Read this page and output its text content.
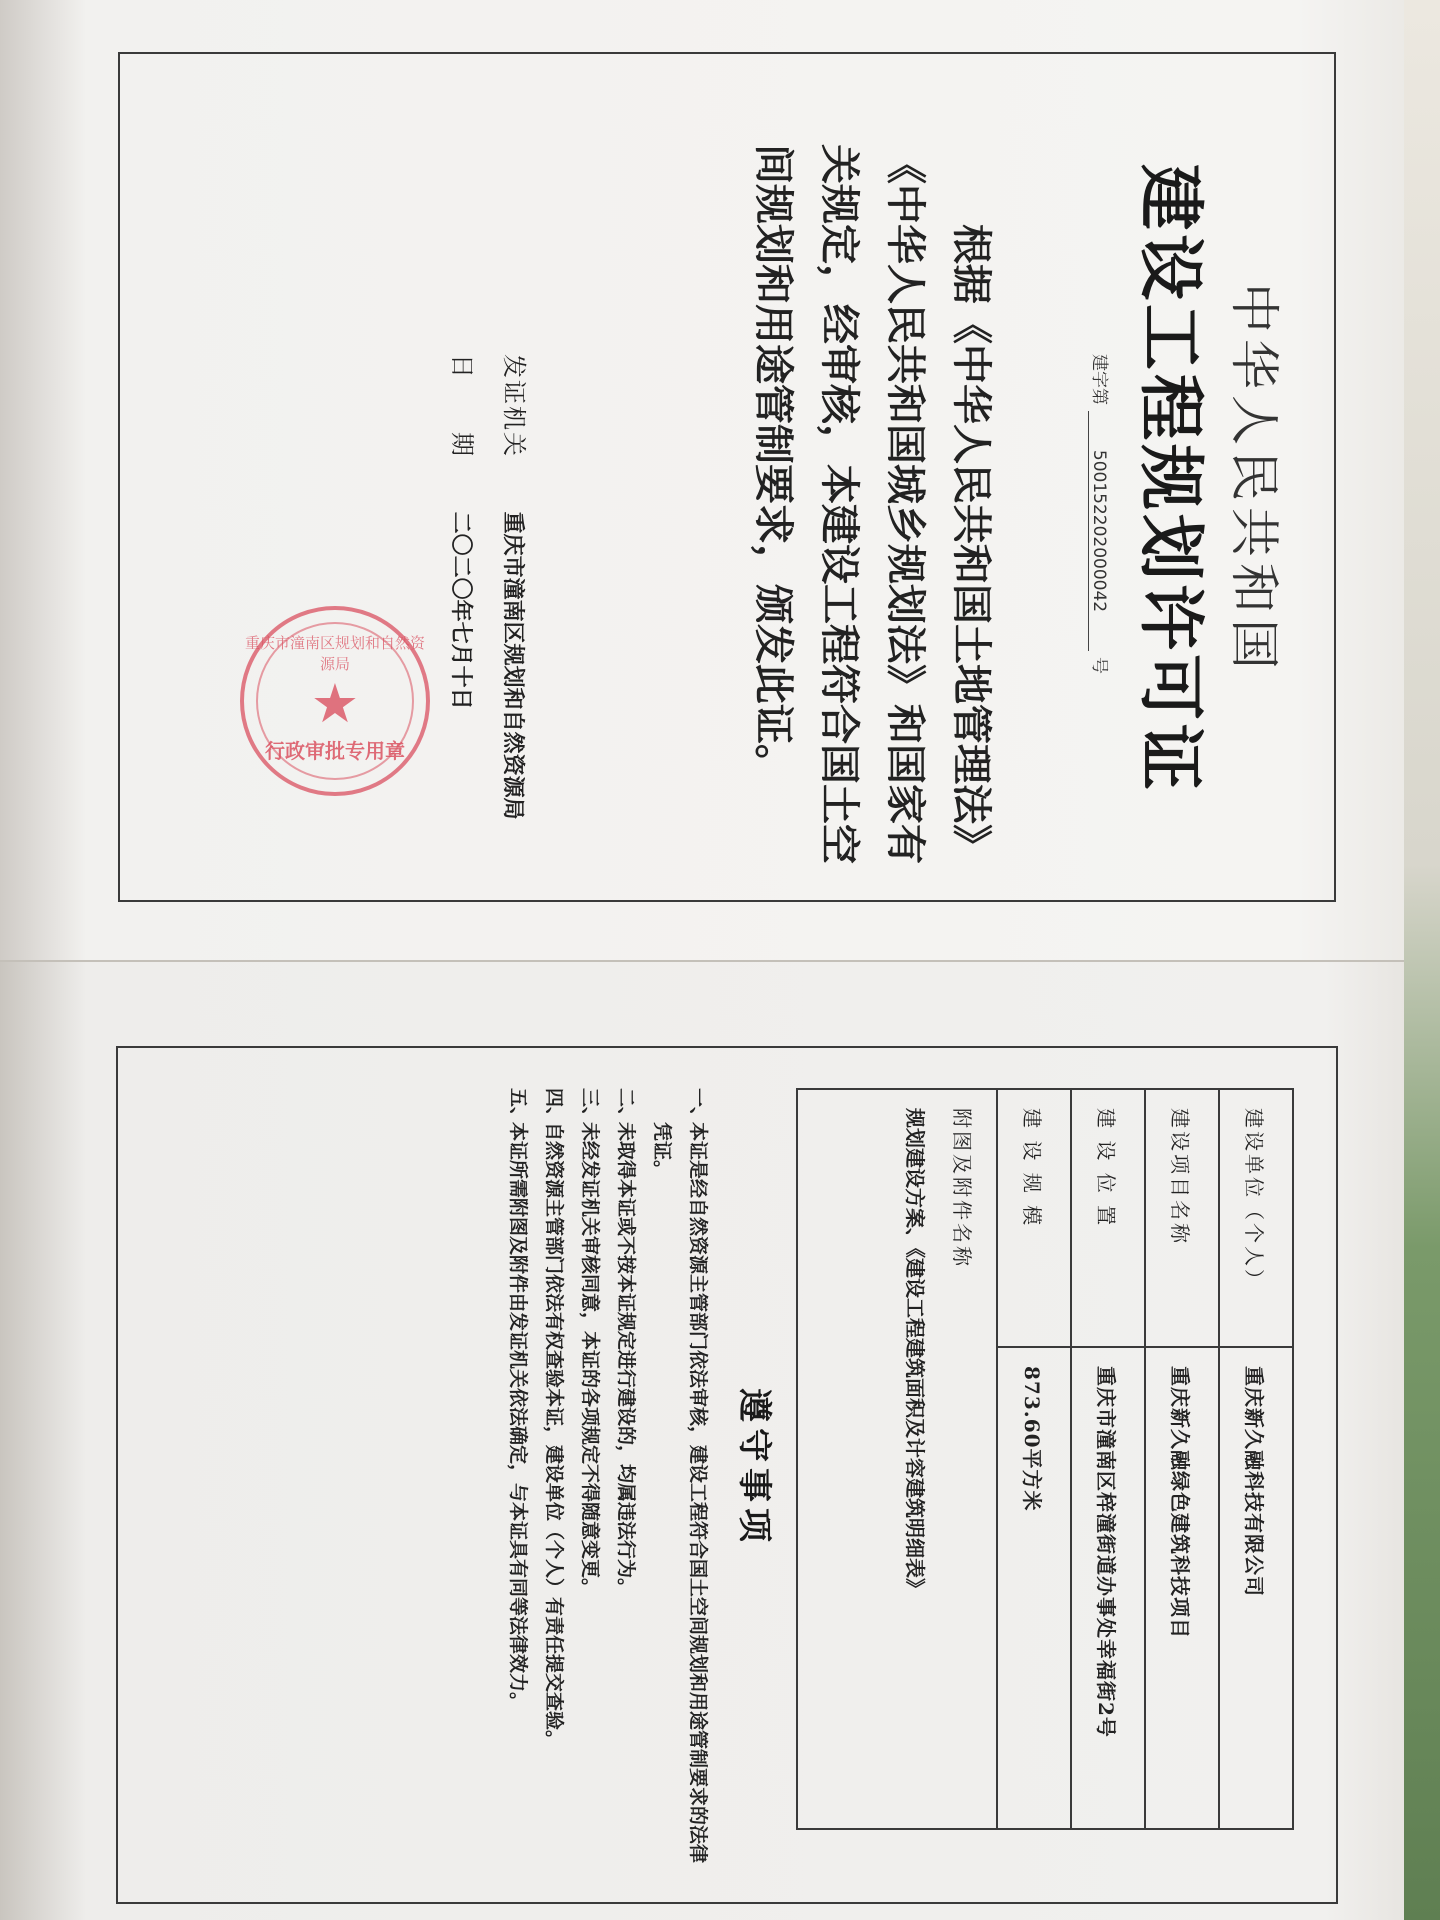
中华人民共和国
建设工程规划许可证
建字第500152202000042号
根据《中华人民共和国土地管理法》《中华人民共和国城乡规划法》和国家有关规定，经审核，本建设工程符合国土空间规划和用途管制要求，颁发此证。
发证机关 重庆市潼南区规划和自然资源局
日　　期 二〇二〇年七月十日
重庆市潼南区规划和自然资源局
★
行政审批专用章
建设单位（个人）	重庆新久融科技有限公司
建设项目名称	重庆新久融绿色建筑科技项目
建 设 位 置	重庆市潼南区梓潼街道办事处幸福街2号
建 设 规 模	873.60平方米

附图及附件名称
规划建设方案、《建设工程建筑面积及计容建筑明细表》	
遵守事项
一、
本证是经自然资源主管部门依法审核，建设工程符合国土空间规划和用途管制要求的法律凭证。
二、
未取得本证或不按本证规定进行建设的，均属违法行为。
三、
未经发证机关审核同意，本证的各项规定不得随意变更。
四、
自然资源主管部门依法有权查验本证，建设单位（个人）有责任提交查验。
五、
本证所需附图及附件由发证机关依法确定，与本证具有同等法律效力。
